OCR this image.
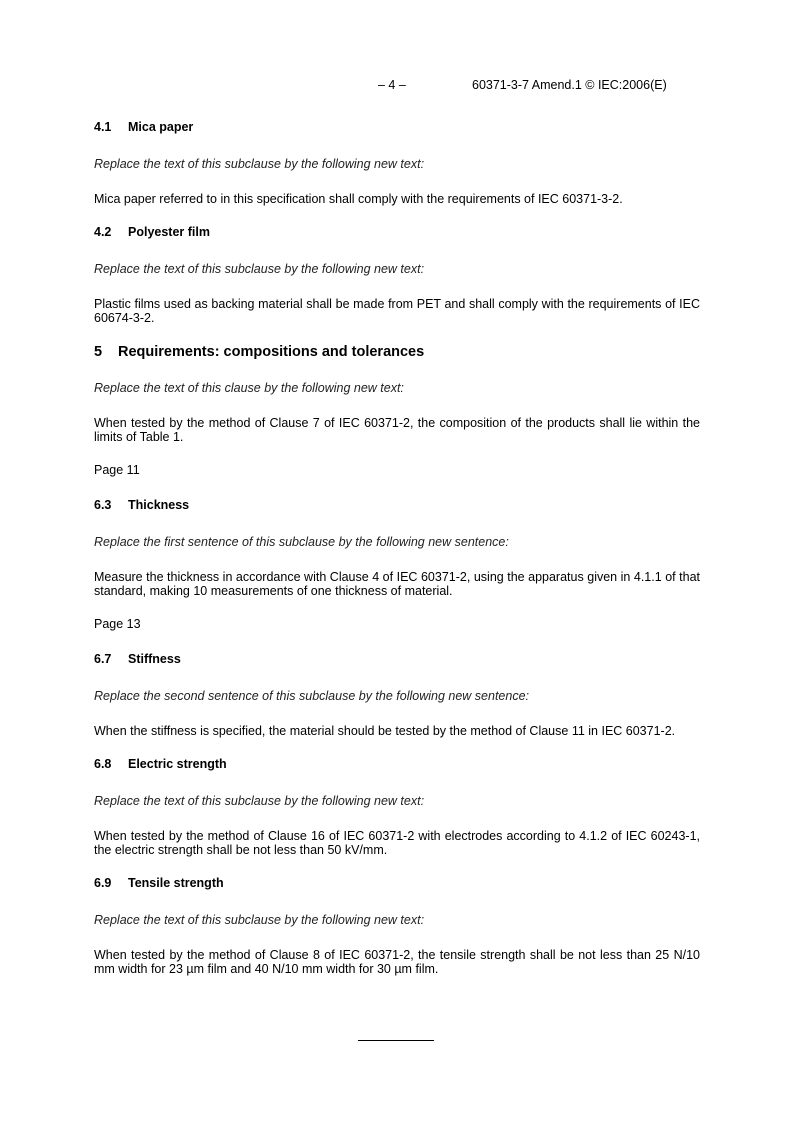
– 4 –	60371-3-7 Amend.1 © IEC:2006(E)
4.1 Mica paper

Replace the text of this subclause by the following new text:

Mica paper referred to in this specification shall comply with the requirements of IEC 60371-3-2.

4.2 Polyester film

Replace the text of this subclause by the following new text:

Plastic films used as backing material shall be made from PET and shall comply with the requirements of IEC 60674-3-2.

5 Requirements: compositions and tolerances

Replace the text of this clause by the following new text:

When tested by the method of Clause 7 of IEC 60371-2, the composition of the products shall lie within the limits of Table 1.

Page 11

6.3 Thickness

Replace the first sentence of this subclause by the following new sentence:

Measure the thickness in accordance with Clause 4 of IEC 60371-2, using the apparatus given in 4.1.1 of that standard, making 10 measurements of one thickness of material.

Page 13

6.7 Stiffness

Replace the second sentence of this subclause by the following new sentence:

When the stiffness is specified, the material should be tested by the method of Clause 11 in IEC 60371-2.

6.8 Electric strength

Replace the text of this subclause by the following new text:

When tested by the method of Clause 16 of IEC 60371-2 with electrodes according to 4.1.2 of IEC 60243-1, the electric strength shall be not less than 50 kV/mm.

6.9 Tensile strength

Replace the text of this subclause by the following new text:

When tested by the method of Clause 8 of IEC 60371-2, the tensile strength shall be not less than 25 N/10 mm width for 23 µm film and 40 N/10 mm width for 30 µm film.
